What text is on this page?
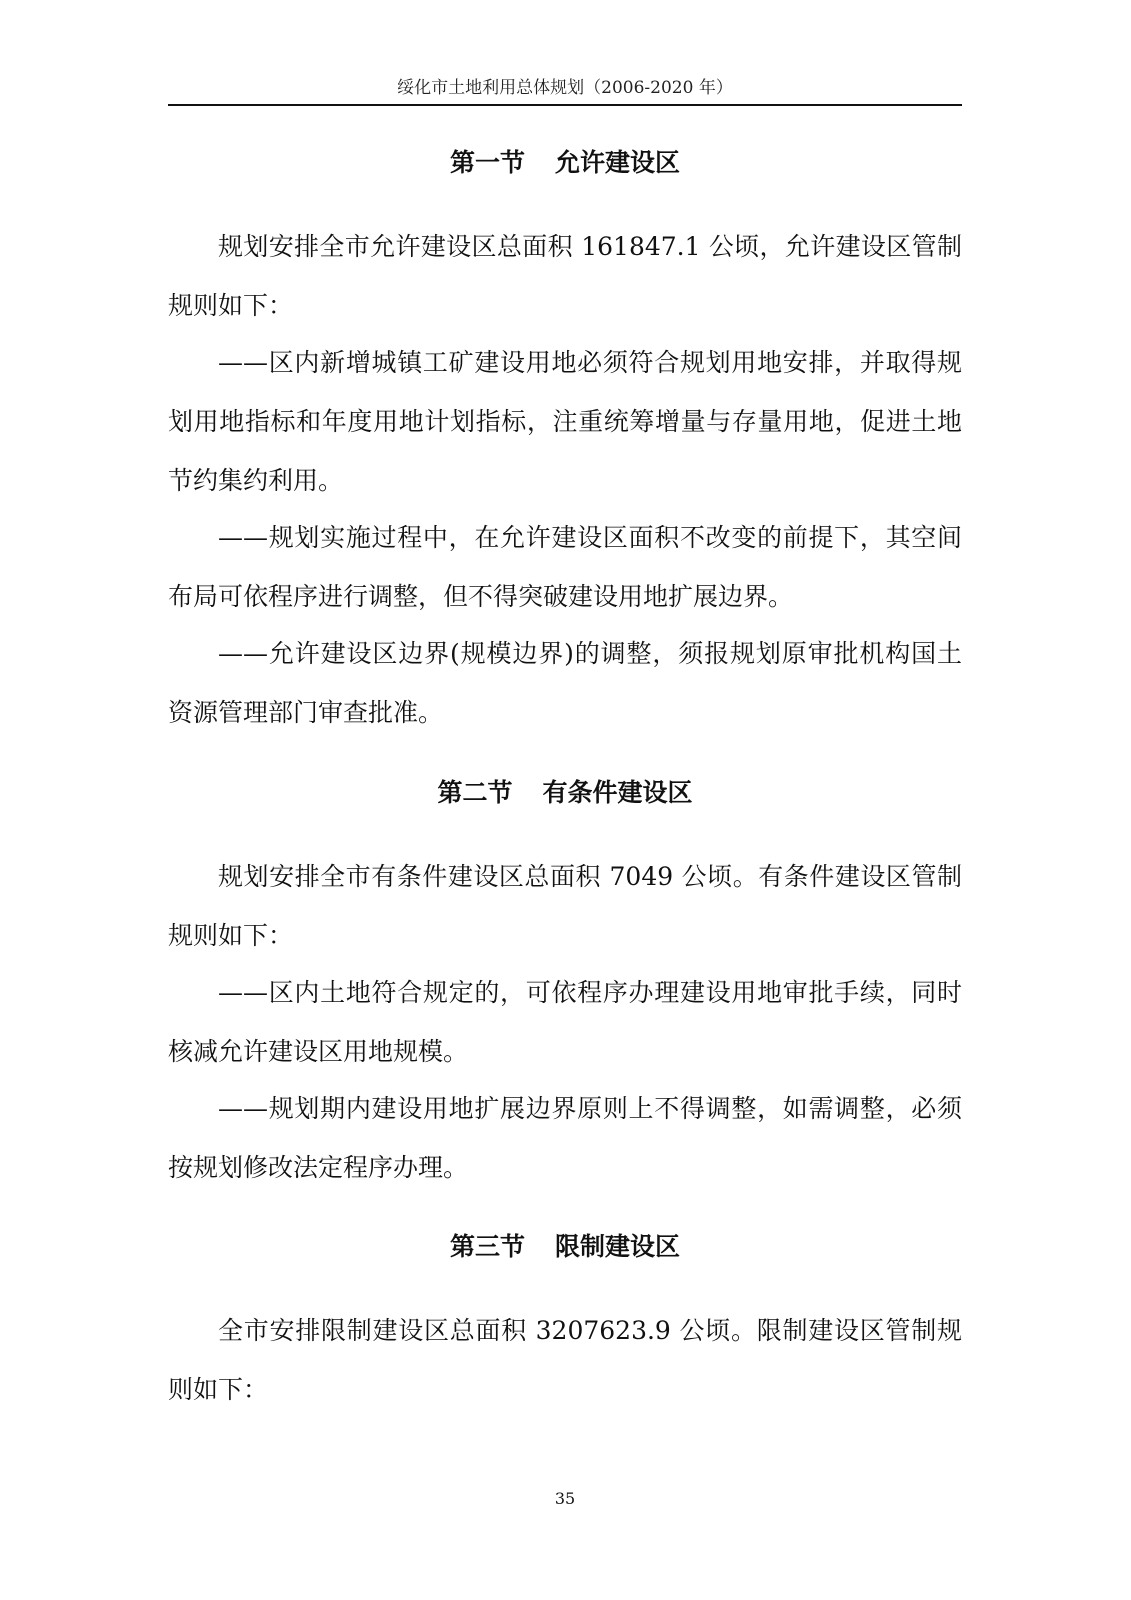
绥化市土地利用总体规划（2006-2020 年）
第一节 允许建设区

规划安排全市允许建设区总面积 161847.1 公顷，允许建设区管制规则如下：

——区内新增城镇工矿建设用地必须符合规划用地安排，并取得规划用地指标和年度用地计划指标，注重统筹增量与存量用地，促进土地节约集约利用。

——规划实施过程中，在允许建设区面积不改变的前提下，其空间布局可依程序进行调整，但不得突破建设用地扩展边界。

——允许建设区边界(规模边界)的调整，须报规划原审批机构国土资源管理部门审查批准。

第二节 有条件建设区

规划安排全市有条件建设区总面积 7049 公顷。有条件建设区管制规则如下：

——区内土地符合规定的，可依程序办理建设用地审批手续，同时核减允许建设区用地规模。

——规划期内建设用地扩展边界原则上不得调整，如需调整，必须按规划修改法定程序办理。

第三节 限制建设区

全市安排限制建设区总面积 3207623.9 公顷。限制建设区管制规则如下：

35
